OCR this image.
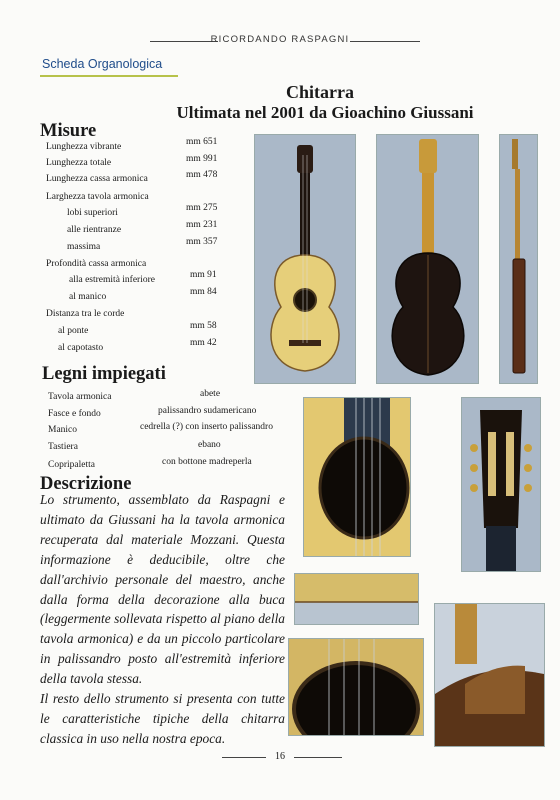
RICORDANDO RASPAGNI
Scheda Organologica
Chitarra
Ultimata nel 2001 da Gioachino Giussani
Misure
Lunghezza vibrante	mm 651
Lunghezza totale	mm 991
Lunghezza cassa armonica	mm 478
Larghezza tavola armonica
lobi superiori	mm 275
alle rientranze	mm 231
massima	mm 357
Profondità cassa armonica
alla estremità inferiore	mm 91
al manico	mm 84
Distanza tra le corde
al ponte	mm 58
al capotasto	mm 42
Legni impiegati
Tavola armonica	abete
Fasce e fondo	palissandro sudamericano
Manico	cedrella (?) con inserto palissandro
Tastiera	ebano
Copripaletta	con bottone madreperla
Descrizione

Lo strumento, assemblato da Raspagni e ultimato da Giussani ha la tavola armonica recuperata dal materiale Mozzani. Questa informazione è deducibile, oltre che dall'archivio personale del maestro, anche dalla forma della decorazione alla buca (leggermente sollevata rispetto al piano della tavola armonica) e da un piccolo particolare in palissandro posto all'estremità inferiore della tavola stessa.

Il resto dello strumento si presenta con tutte le caratteristiche tipiche della chitarra classica in uso nella nostra epoca.

16
